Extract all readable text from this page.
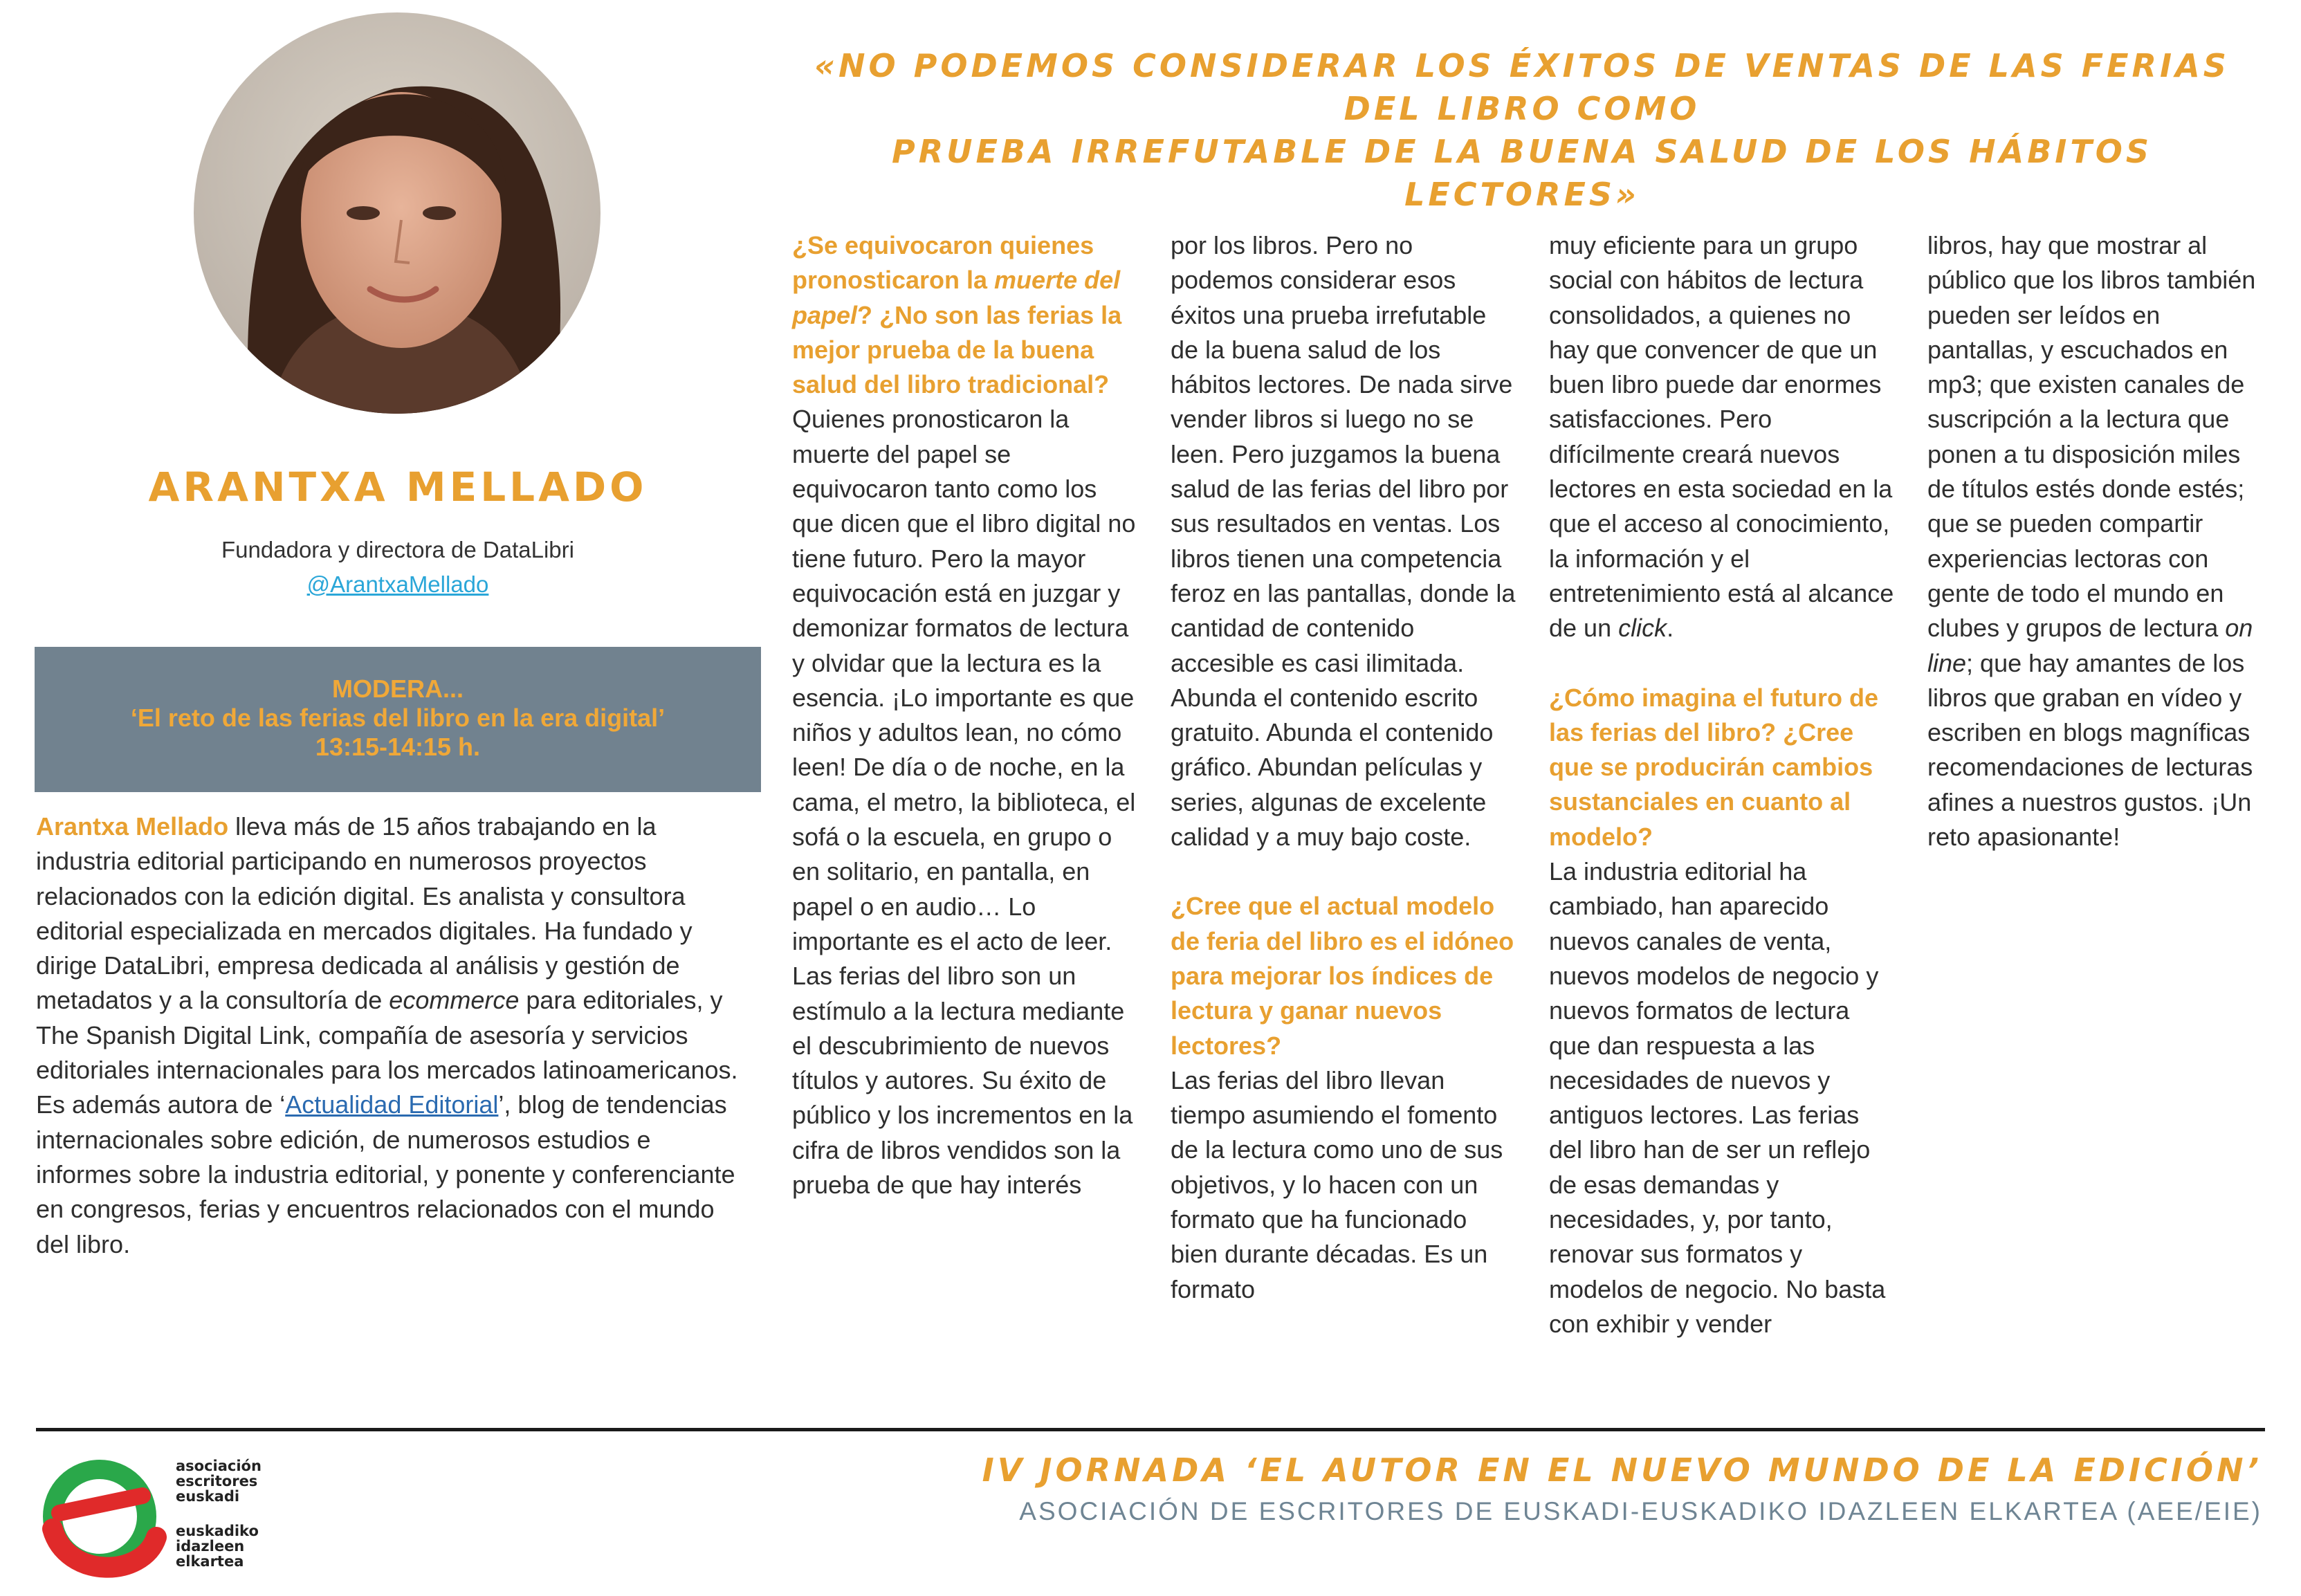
«NO PODEMOS CONSIDERAR LOS ÉXITOS DE VENTAS DE LAS FERIAS DEL LIBRO COMO
PRUEBA IRREFUTABLE DE LA BUENA SALUD DE LOS HÁBITOS LECTORES»
ARANTXA MELLADO
Fundadora y directora de DataLibri
@ArantxaMellado
MODERA...
‘El reto de las ferias del libro en la era digital’
13:15-14:15 h.
Arantxa Mellado lleva más de 15 años trabajando en la industria editorial participando en numerosos proyectos relacionados con la edición digital. Es analista y consultora editorial especializada en mercados digitales. Ha fundado y dirige DataLibri, empresa dedicada al análisis y gestión de metadatos y a la consultoría de ecommerce para editoriales, y The Spanish Digital Link, compañía de asesoría y servicios editoriales internacionales para los mercados latinoamericanos. Es además autora de ‘Actualidad Editorial’, blog de tendencias internacionales sobre edición, de numerosos estudios e informes sobre la industria editorial, y ponente y conferenciante en congresos, ferias y encuentros relacionados con el mundo del libro.

¿Se equivocaron quienes pronosticaron la muerte del papel? ¿No son las ferias la mejor prueba de la buena salud del libro tradicional?

Quienes pronosticaron la muerte del papel se equivocaron tanto como los que dicen que el libro digital no tiene futuro. Pero la mayor equivocación está en juzgar y demonizar formatos de lectura y olvidar que la lectura es la esencia. ¡Lo importante es que niños y adultos lean, no cómo leen! De día o de noche, en la cama, el metro, la biblioteca, el sofá o la escuela, en grupo o en solitario, en pantalla, en papel o en audio… Lo importante es el acto de leer. Las ferias del libro son un estímulo a la lectura mediante el descubrimiento de nuevos títulos y autores. Su éxito de público y los incrementos en la cifra de libros vendidos son la prueba de que hay interés

por los libros. Pero no podemos considerar esos éxitos una prueba irrefutable de la buena salud de los hábitos lectores. De nada sirve vender libros si luego no se leen. Pero juzgamos la buena salud de las ferias del libro por sus resultados en ventas. Los libros tienen una competencia feroz en las pantallas, donde la cantidad de contenido accesible es casi ilimitada. Abunda el contenido escrito gratuito. Abunda el contenido gráfico. Abundan películas y series, algunas de excelente calidad y a muy bajo coste.

¿Cree que el actual modelo de feria del libro es el idóneo para mejorar los índices de lectura y ganar nuevos lectores?

Las ferias del libro llevan tiempo asumiendo el fomento de la lectura como uno de sus objetivos, y lo hacen con un formato que ha funcionado bien durante décadas. Es un formato

muy eficiente para un grupo social con hábitos de lectura consolidados, a quienes no hay que convencer de que un buen libro puede dar enormes satisfacciones. Pero difícilmente creará nuevos lectores en esta sociedad en la que el acceso al conocimiento, la información y el entretenimiento está al alcance de un click.

¿Cómo imagina el futuro de las ferias del libro? ¿Cree que se producirán cambios sustanciales en cuanto al modelo?

La industria editorial ha cambiado, han aparecido nuevos canales de venta, nuevos modelos de negocio y nuevos formatos de lectura que dan respuesta a las necesidades de nuevos y antiguos lectores. Las ferias del libro han de ser un reflejo de esas demandas y necesidades, y, por tanto, renovar sus formatos y modelos de negocio. No basta con exhibir y vender

libros, hay que mostrar al público que los libros también pueden ser leídos en pantallas, y escuchados en mp3; que existen canales de suscripción a la lectura que ponen a tu disposición miles de títulos estés donde estés; que se pueden compartir experiencias lectoras con gente de todo el mundo en clubes y grupos de lectura on line; que hay amantes de los libros que graban en vídeo y escriben en blogs magníficas recomendaciones de lecturas afines a nuestros gustos. ¡Un reto apasionante!

asociación
escritores
euskadi
euskadiko
idazleen
elkartea
IV JORNADA ‘EL AUTOR EN EL NUEVO MUNDO DE LA EDICIÓN’
ASOCIACIÓN DE ESCRITORES DE EUSKADI-EUSKADIKO IDAZLEEN ELKARTEA (AEE/EIE)
